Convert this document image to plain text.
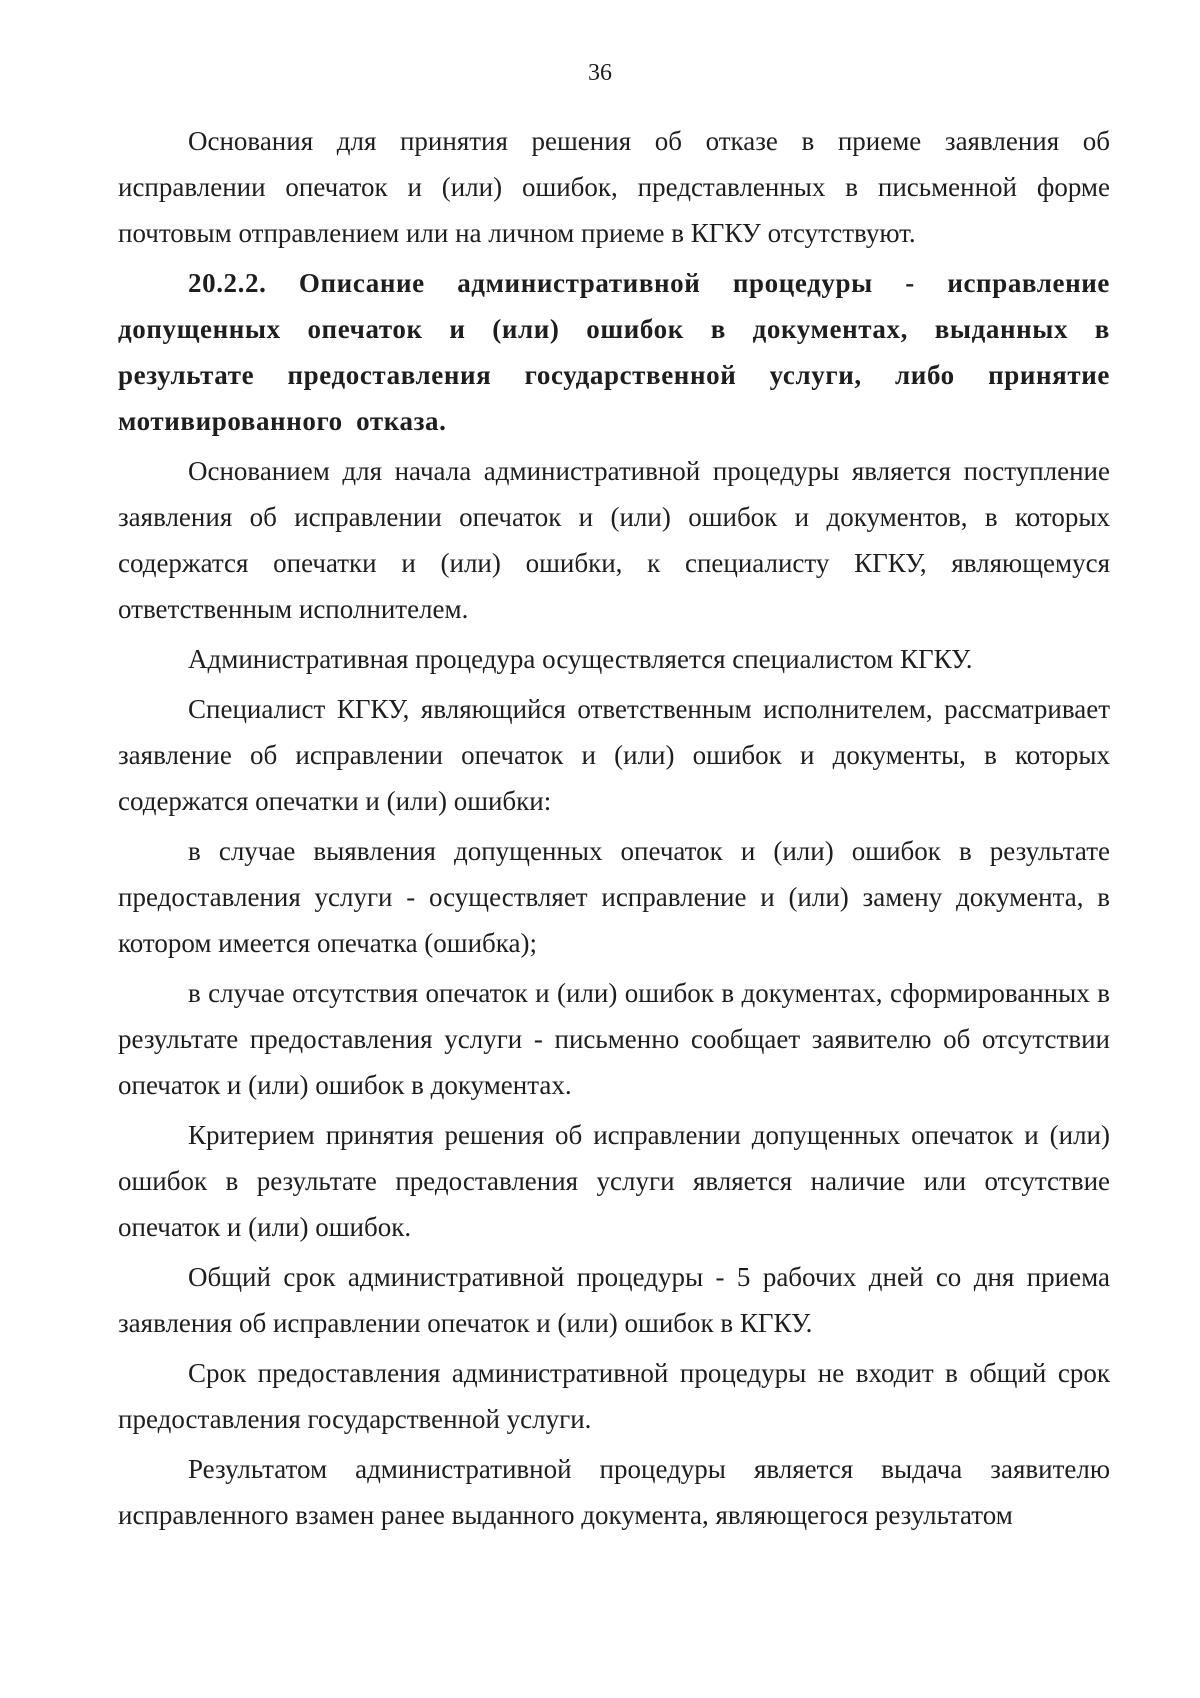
36

Основания для принятия решения об отказе в приеме заявления об исправлении опечаток и (или) ошибок, представленных в письменной форме почтовым отправлением или на личном приеме в КГКУ отсутствуют.

20.2.2. Описание административной процедуры - исправление допущенных опечаток и (или) ошибок в документах, выданных в результате предоставления государственной услуги, либо принятие мотивированного отказа.

Основанием для начала административной процедуры является поступление заявления об исправлении опечаток и (или) ошибок и документов, в которых содержатся опечатки и (или) ошибки, к специалисту КГКУ, являющемуся ответственным исполнителем.

Административная процедура осуществляется специалистом КГКУ.

Специалист КГКУ, являющийся ответственным исполнителем, рассматривает заявление об исправлении опечаток и (или) ошибок и документы, в которых содержатся опечатки и (или) ошибки:

в случае выявления допущенных опечаток и (или) ошибок в результате предоставления услуги - осуществляет исправление и (или) замену документа, в котором имеется опечатка (ошибка);

в случае отсутствия опечаток и (или) ошибок в документах, сформированных в результате предоставления услуги - письменно сообщает заявителю об отсутствии опечаток и (или) ошибок в документах.

Критерием принятия решения об исправлении допущенных опечаток и (или) ошибок в результате предоставления услуги является наличие или отсутствие опечаток и (или) ошибок.

Общий срок административной процедуры - 5 рабочих дней со дня приема заявления об исправлении опечаток и (или) ошибок в КГКУ.

Срок предоставления административной процедуры не входит в общий срок предоставления государственной услуги.

Результатом административной процедуры является выдача заявителю исправленного взамен ранее выданного документа, являющегося результатом
